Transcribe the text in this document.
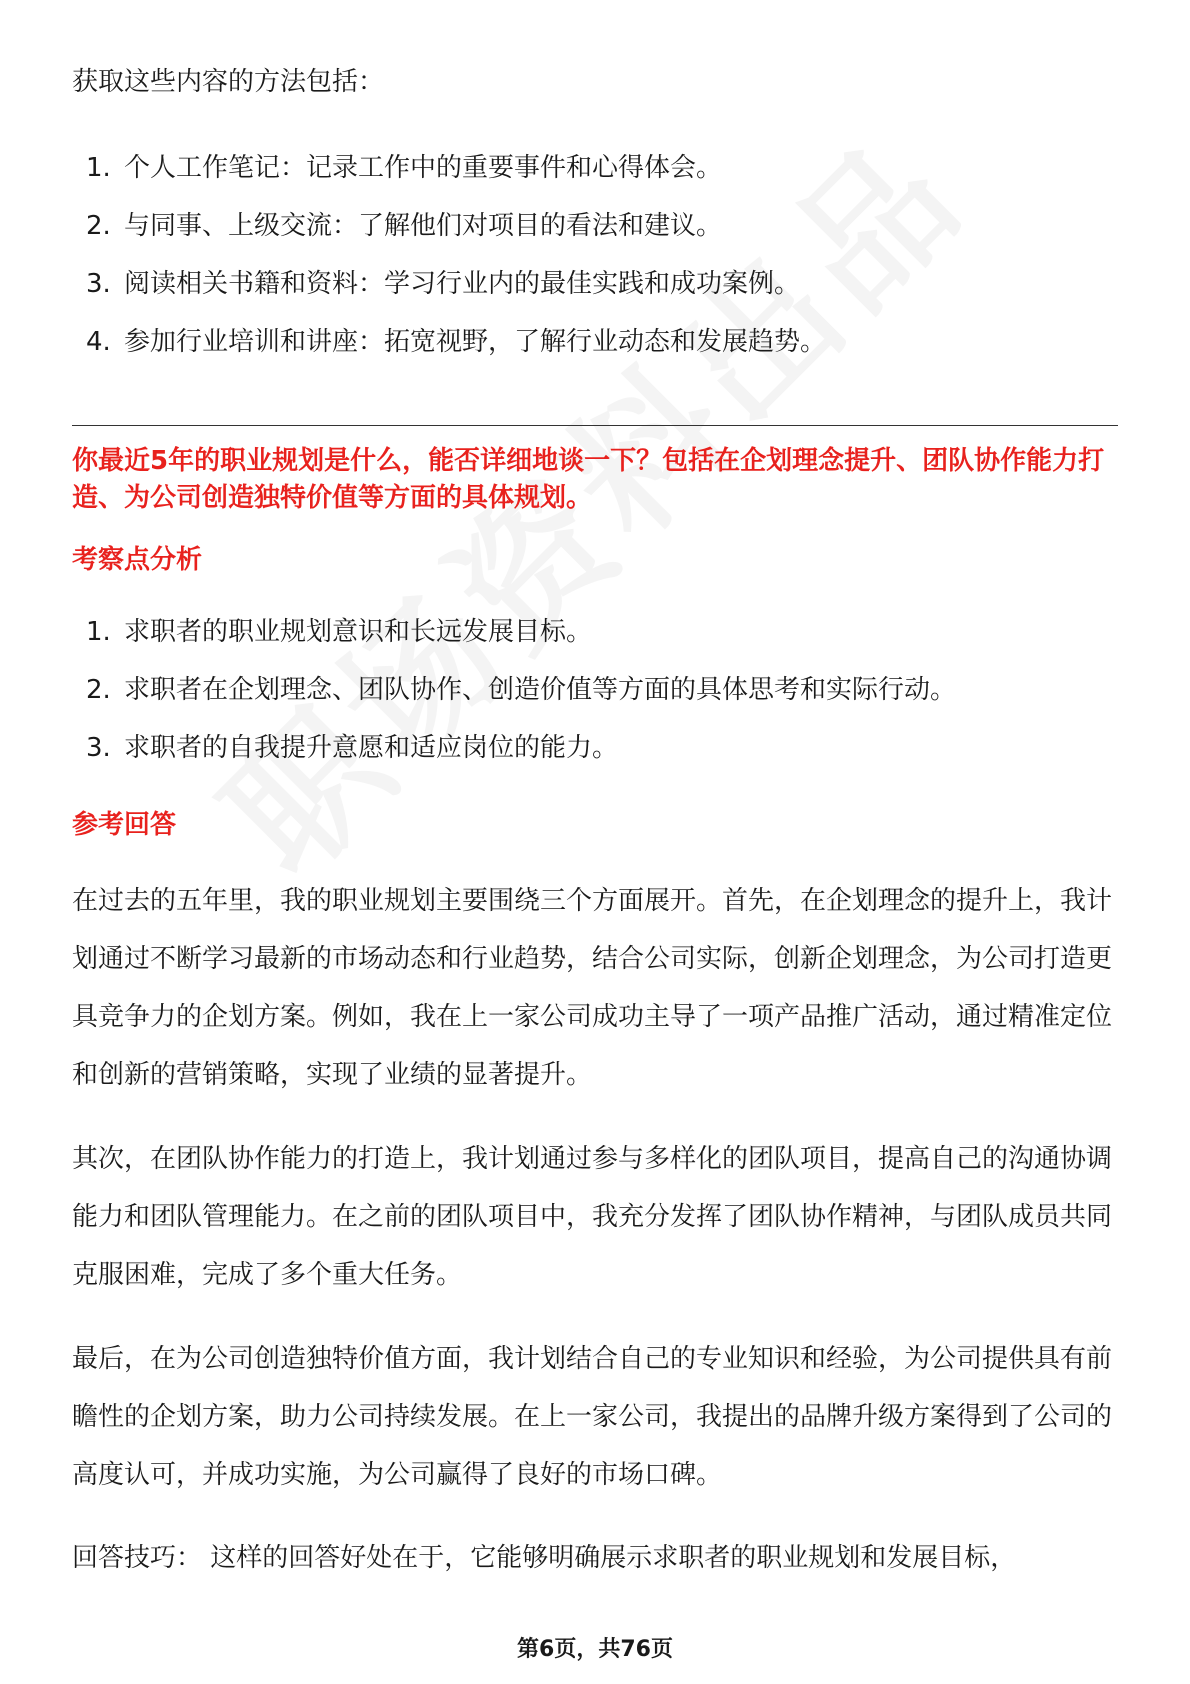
获取这些内容的方法包括：
1. 个人工作笔记：记录工作中的重要事件和心得体会。
2. 与同事、上级交流：了解他们对项目的看法和建议。
3. 阅读相关书籍和资料：学习行业内的最佳实践和成功案例。
4. 参加行业培训和讲座：拓宽视野，了解行业动态和发展趋势。
你最近5年的职业规划是什么，能否详细地谈一下？包括在企划理念提升、团队协作能力打造、为公司创造独特价值等方面的具体规划。
考察点分析
1. 求职者的职业规划意识和长远发展目标。
2. 求职者在企划理念、团队协作、创造价值等方面的具体思考和实际行动。
3. 求职者的自我提升意愿和适应岗位的能力。
参考回答

在过去的五年里，我的职业规划主要围绕三个方面展开。首先，在企划理念的提升上，我计划通过不断学习最新的市场动态和行业趋势，结合公司实际，创新企划理念，为公司打造更具竞争力的企划方案。例如，我在上一家公司成功主导了一项产品推广活动，通过精准定位和创新的营销策略，实现了业绩的显著提升。

其次，在团队协作能力的打造上，我计划通过参与多样化的团队项目，提高自己的沟通协调能力和团队管理能力。在之前的团队项目中，我充分发挥了团队协作精神，与团队成员共同克服困难，完成了多个重大任务。

最后，在为公司创造独特价值方面，我计划结合自己的专业知识和经验，为公司提供具有前瞻性的企划方案，助力公司持续发展。在上一家公司，我提出的品牌升级方案得到了公司的高度认可，并成功实施，为公司赢得了良好的市场口碑。

回答技巧： 这样的回答好处在于，它能够明确展示求职者的职业规划和发展目标，

第6页，共76页
